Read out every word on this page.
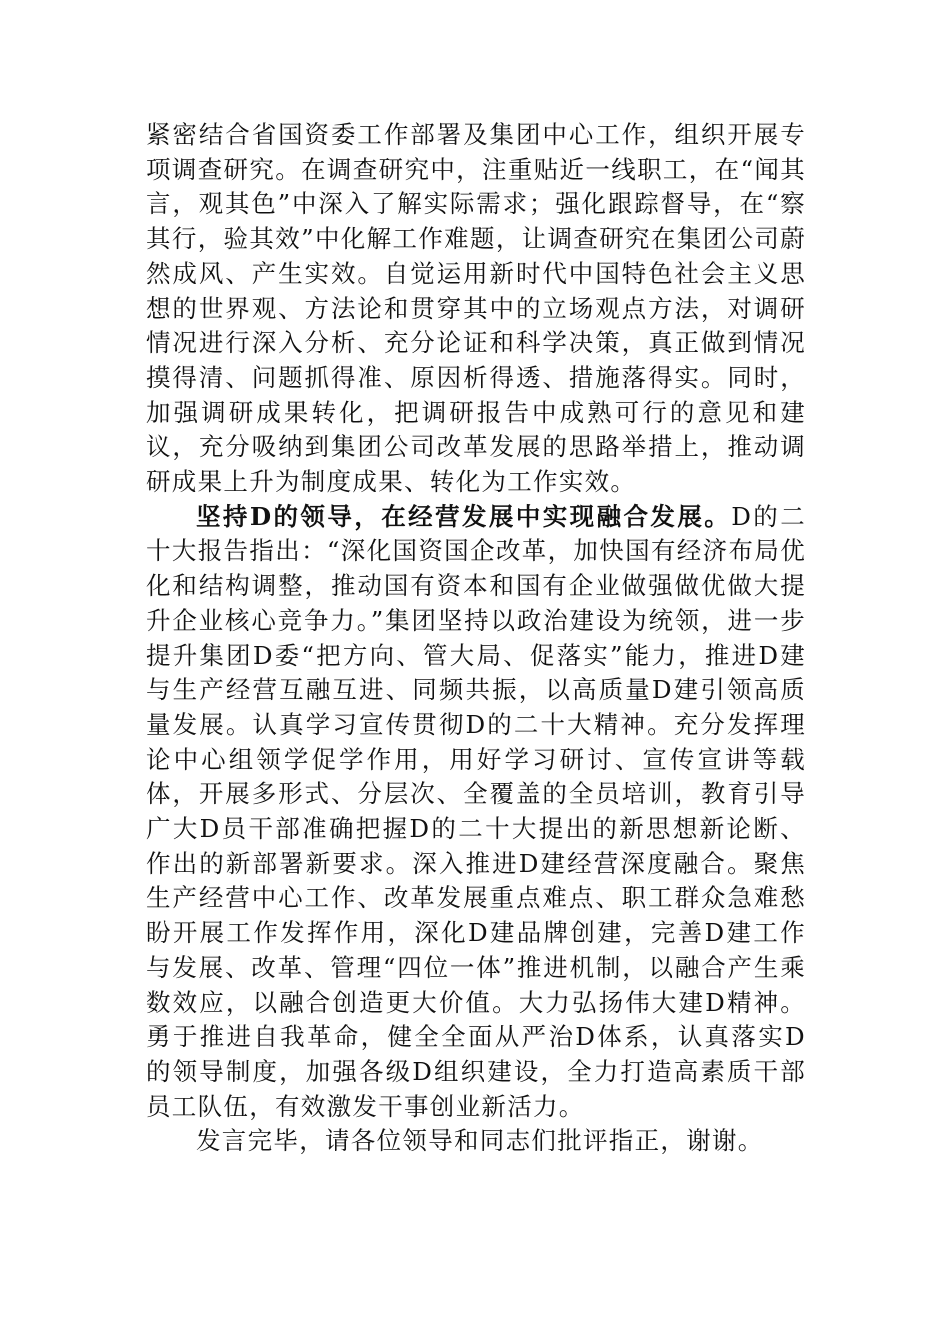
紧密结合省国资委工作部署及集团中心工作，组织开展专项调查研究。在调查研究中，注重贴近一线职工，在“闻其言，观其色”中深入了解实际需求；强化跟踪督导，在“察其行，验其效”中化解工作难题，让调查研究在集团公司蔚然成风、产生实效。自觉运用新时代中国特色社会主义思想的世界观、方法论和贯穿其中的立场观点方法，对调研情况进行深入分析、充分论证和科学决策，真正做到情况摸得清、问题抓得准、原因析得透、措施落得实。同时，加强调研成果转化，把调研报告中成熟可行的意见和建议，充分吸纳到集团公司改革发展的思路举措上，推动调研成果上升为制度成果、转化为工作实效。

坚持D的领导，在经营发展中实现融合发展。D的二十大报告指出：“深化国资国企改革，加快国有经济布局优化和结构调整，推动国有资本和国有企业做强做优做大提升企业核心竞争力。”集团坚持以政治建设为统领，进一步提升集团D委“把方向、管大局、促落实”能力，推进D建与生产经营互融互进、同频共振，以高质量D建引领高质量发展。认真学习宣传贯彻D的二十大精神。充分发挥理论中心组领学促学作用，用好学习研讨、宣传宣讲等载体，开展多形式、分层次、全覆盖的全员培训，教育引导广大D员干部准确把握D的二十大提出的新思想新论断、作出的新部署新要求。深入推进D建经营深度融合。聚焦生产经营中心工作、改革发展重点难点、职工群众急难愁盼开展工作发挥作用，深化D建品牌创建，完善D建工作与发展、改革、管理“四位一体”推进机制，以融合产生乘数效应，以融合创造更大价值。大力弘扬伟大建D精神。勇于推进自我革命，健全全面从严治D体系，认真落实D的领导制度，加强各级D组织建设，全力打造高素质干部员工队伍，有效激发干事创业新活力。

发言完毕，请各位领导和同志们批评指正，谢谢。
